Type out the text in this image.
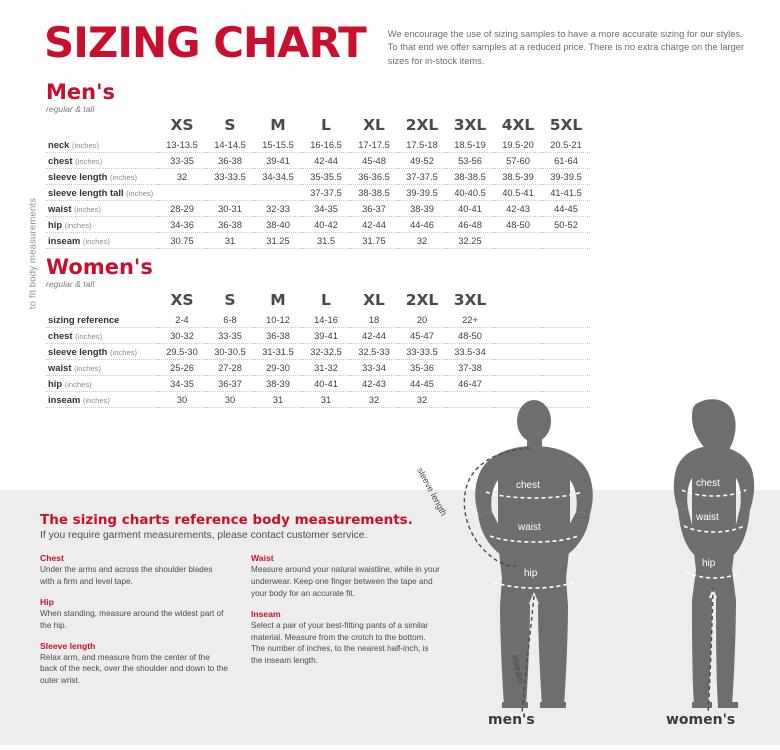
SIZING CHART We encourage the use of sizing samples to have a more accurate sizing for our styles. To that end we offer samples at a reduced price. There is no extra charge on the larger sizes for in-stock items.
to fit body measurements
Men's
regular & tall
	XS	S	M	L	XL	2XL	3XL	4XL	5XL
neck (inches)	13-13.5	14-14.5	15-15.5	16-16.5	17-17.5	17.5-18	18.5-19	19.5-20	20.5-21
chest (inches)	33-35	36-38	39-41	42-44	45-48	49-52	53-56	57-60	61-64
sleeve length (inches)	32	33-33.5	34-34.5	35-35.5	36-36.5	37-37.5	38-38.5	38.5-39	39-39.5
sleeve length tall (inches)				37-37.5	38-38.5	39-39.5	40-40.5	40.5-41	41-41.5
waist (inches)	28-29	30-31	32-33	34-35	36-37	38-39	40-41	42-43	44-45
hip (inches)	34-36	36-38	38-40	40-42	42-44	44-46	46-48	48-50	50-52
inseam (inches)	30.75	31	31.25	31.5	31.75	32	32.25		
Women's
regular & tall
	XS	S	M	L	XL	2XL	3XL		
sizing reference	2-4	6-8	10-12	14-16	18	20	22+		
chest (inches)	30-32	33-35	36-38	39-41	42-44	45-47	48-50		
sleeve length (inches)	29.5-30	30-30.5	31-31.5	32-32.5	32.5-33	33-33.5	33.5-34		
waist (inches)	25-26	27-28	29-30	31-32	33-34	35-36	37-38		
hip (inches)	34-35	36-37	38-39	40-41	42-43	44-45	46-47		
inseam (inches)	30	30	31	31	32	32			
The sizing charts reference body measurements.
If you require garment measurements, please contact customer service.
Chest
Under the arms and across the shoulder blades with a firm and level tape.
Hip
When standing, measure around the widest part of the hip.
Sleeve length
Relax arm, and measure from the center of the back of the neck, over the shoulder and down to the outer wrist.
Waist
Measure around your natural waistline, while in your underwear. Keep one finger between the tape and your body for an accurate fit.
Inseam
Select a pair of your best-fitting pants of a similar material. Measure from the crotch to the bottom. The number of inches, to the nearest half-inch, is the inseam length.
chest
waist
hip
chest
waist
hip
sleeve length
inseam
men's	women's
